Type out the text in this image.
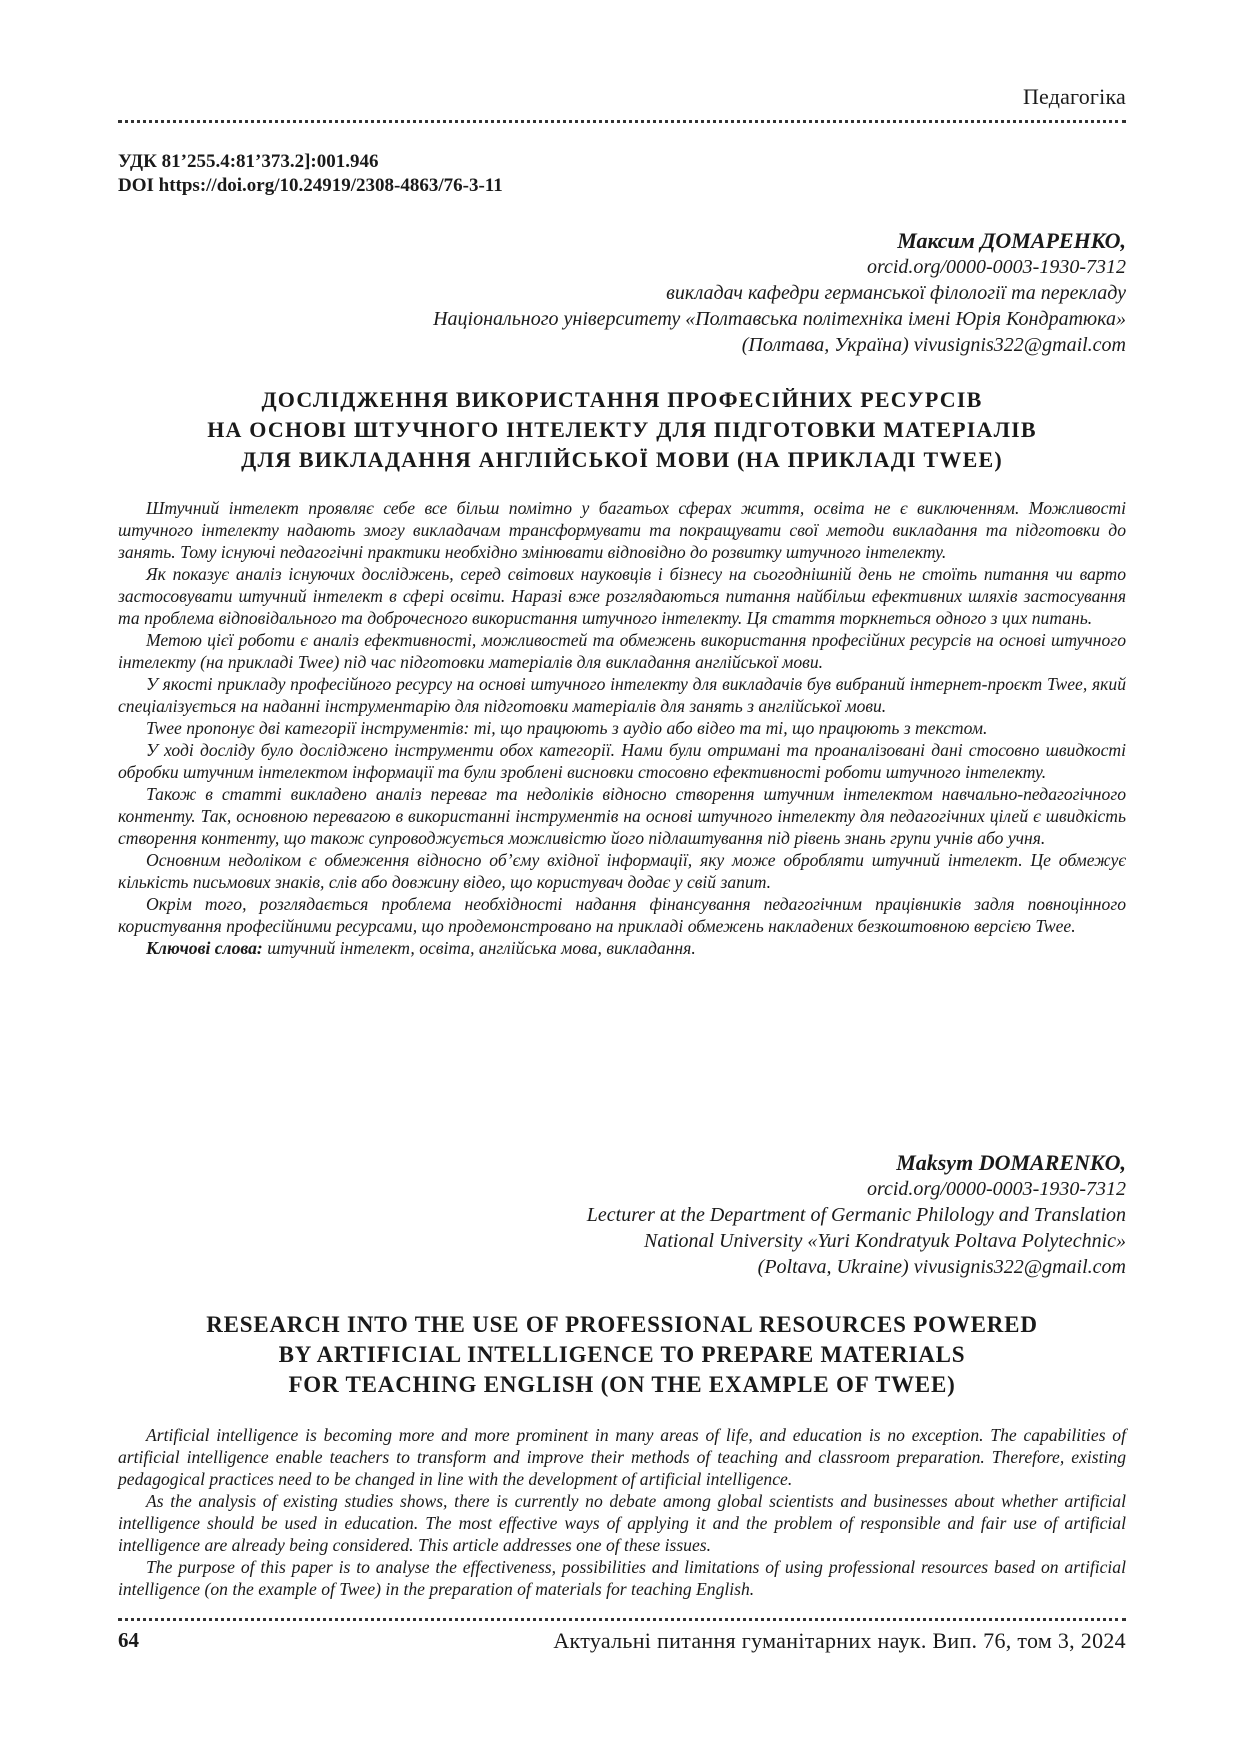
Педагогіка
УДК 81’255.4:81’373.2]:001.946
DOI https://doi.org/10.24919/2308-4863/76-3-11
Максим ДОМАРЕНКО,
orcid.org/0000-0003-1930-7312
викладач кафедри германської філології та перекладу
Національного університету «Полтавська політехніка імені Юрія Кондратюка»
(Полтава, Україна) vivusignis322@gmail.com
ДОСЛІДЖЕННЯ ВИКОРИСТАННЯ ПРОФЕСІЙНИХ РЕСУРСІВ
НА ОСНОВІ ШТУЧНОГО ІНТЕЛЕКТУ ДЛЯ ПІДГОТОВКИ МАТЕРІАЛІВ
ДЛЯ ВИКЛАДАННЯ АНГЛІЙСЬКОЇ МОВИ (НА ПРИКЛАДІ TWEE)

Штучний інтелект проявляє себе все більш помітно у багатьох сферах життя, освіта не є виключенням. Можливості штучного інтелекту надають змогу викладачам трансформувати та покращувати свої методи викладання та підготовки до занять. Тому існуючі педагогічні практики необхідно змінювати відповідно до розвитку штучного інтелекту.

Як показує аналіз існуючих досліджень, серед світових науковців і бізнесу на сьогоднішній день не стоїть питання чи варто застосовувати штучний інтелект в сфері освіти. Наразі вже розглядаються питання найбільш ефективних шляхів застосування та проблема відповідального та доброчесного використання штучного інтелекту. Ця стаття торкнеться одного з цих питань.

Метою цієї роботи є аналіз ефективності, можливостей та обмежень використання професійних ресурсів на основі штучного інтелекту (на прикладі Twee) під час підготовки матеріалів для викладання англійської мови.

У якості прикладу професійного ресурсу на основі штучного інтелекту для викладачів був вибраний інтернет-проєкт Twee, який спеціалізується на наданні інструментарію для підготовки матеріалів для занять з англійської мови.

Twee пропонує дві категорії інструментів: ті, що працюють з аудіо або відео та ті, що працюють з текстом.

У ході досліду було досліджено інструменти обох категорії. Нами були отримані та проаналізовані дані стосовно швидкості обробки штучним інтелектом інформації та були зроблені висновки стосовно ефективності роботи штучного інтелекту.

Також в статті викладено аналіз переваг та недоліків відносно створення штучним інтелектом навчально-педагогічного контенту. Так, основною перевагою в використанні інструментів на основі штучного інтелекту для педагогічних цілей є швидкість створення контенту, що також супроводжується можливістю його підлаштування під рівень знань групи учнів або учня.

Основним недоліком є обмеження відносно об’єму вхідної інформації, яку може обробляти штучний інтелект. Це обмежує кількість письмових знаків, слів або довжину відео, що користувач додає у свій запит.

Окрім того, розглядається проблема необхідності надання фінансування педагогічним працівників задля повноцінного користування професійними ресурсами, що продемонстровано на прикладі обмежень накладених безкоштовною версією Twee.

Ключові слова: штучний інтелект, освіта, англійська мова, викладання.

Maksym DOMARENKO,
orcid.org/0000-0003-1930-7312
Lecturer at the Department of Germanic Philology and Translation
National University «Yuri Kondratyuk Poltava Polytechnic»
(Poltava, Ukraine) vivusignis322@gmail.com
RESEARCH INTO THE USE OF PROFESSIONAL RESOURCES POWERED
BY ARTIFICIAL INTELLIGENCE TO PREPARE MATERIALS
FOR TEACHING ENGLISH (ON THE EXAMPLE OF TWEE)

Artificial intelligence is becoming more and more prominent in many areas of life, and education is no exception. The capabilities of artificial intelligence enable teachers to transform and improve their methods of teaching and classroom preparation. Therefore, existing pedagogical practices need to be changed in line with the development of artificial intelligence.

As the analysis of existing studies shows, there is currently no debate among global scientists and businesses about whether artificial intelligence should be used in education. The most effective ways of applying it and the problem of responsible and fair use of artificial intelligence are already being considered. This article addresses one of these issues.

The purpose of this paper is to analyse the effectiveness, possibilities and limitations of using professional resources based on artificial intelligence (on the example of Twee) in the preparation of materials for teaching English.

64	Актуальні питання гуманітарних наук. Вип. 76, том 3, 2024
